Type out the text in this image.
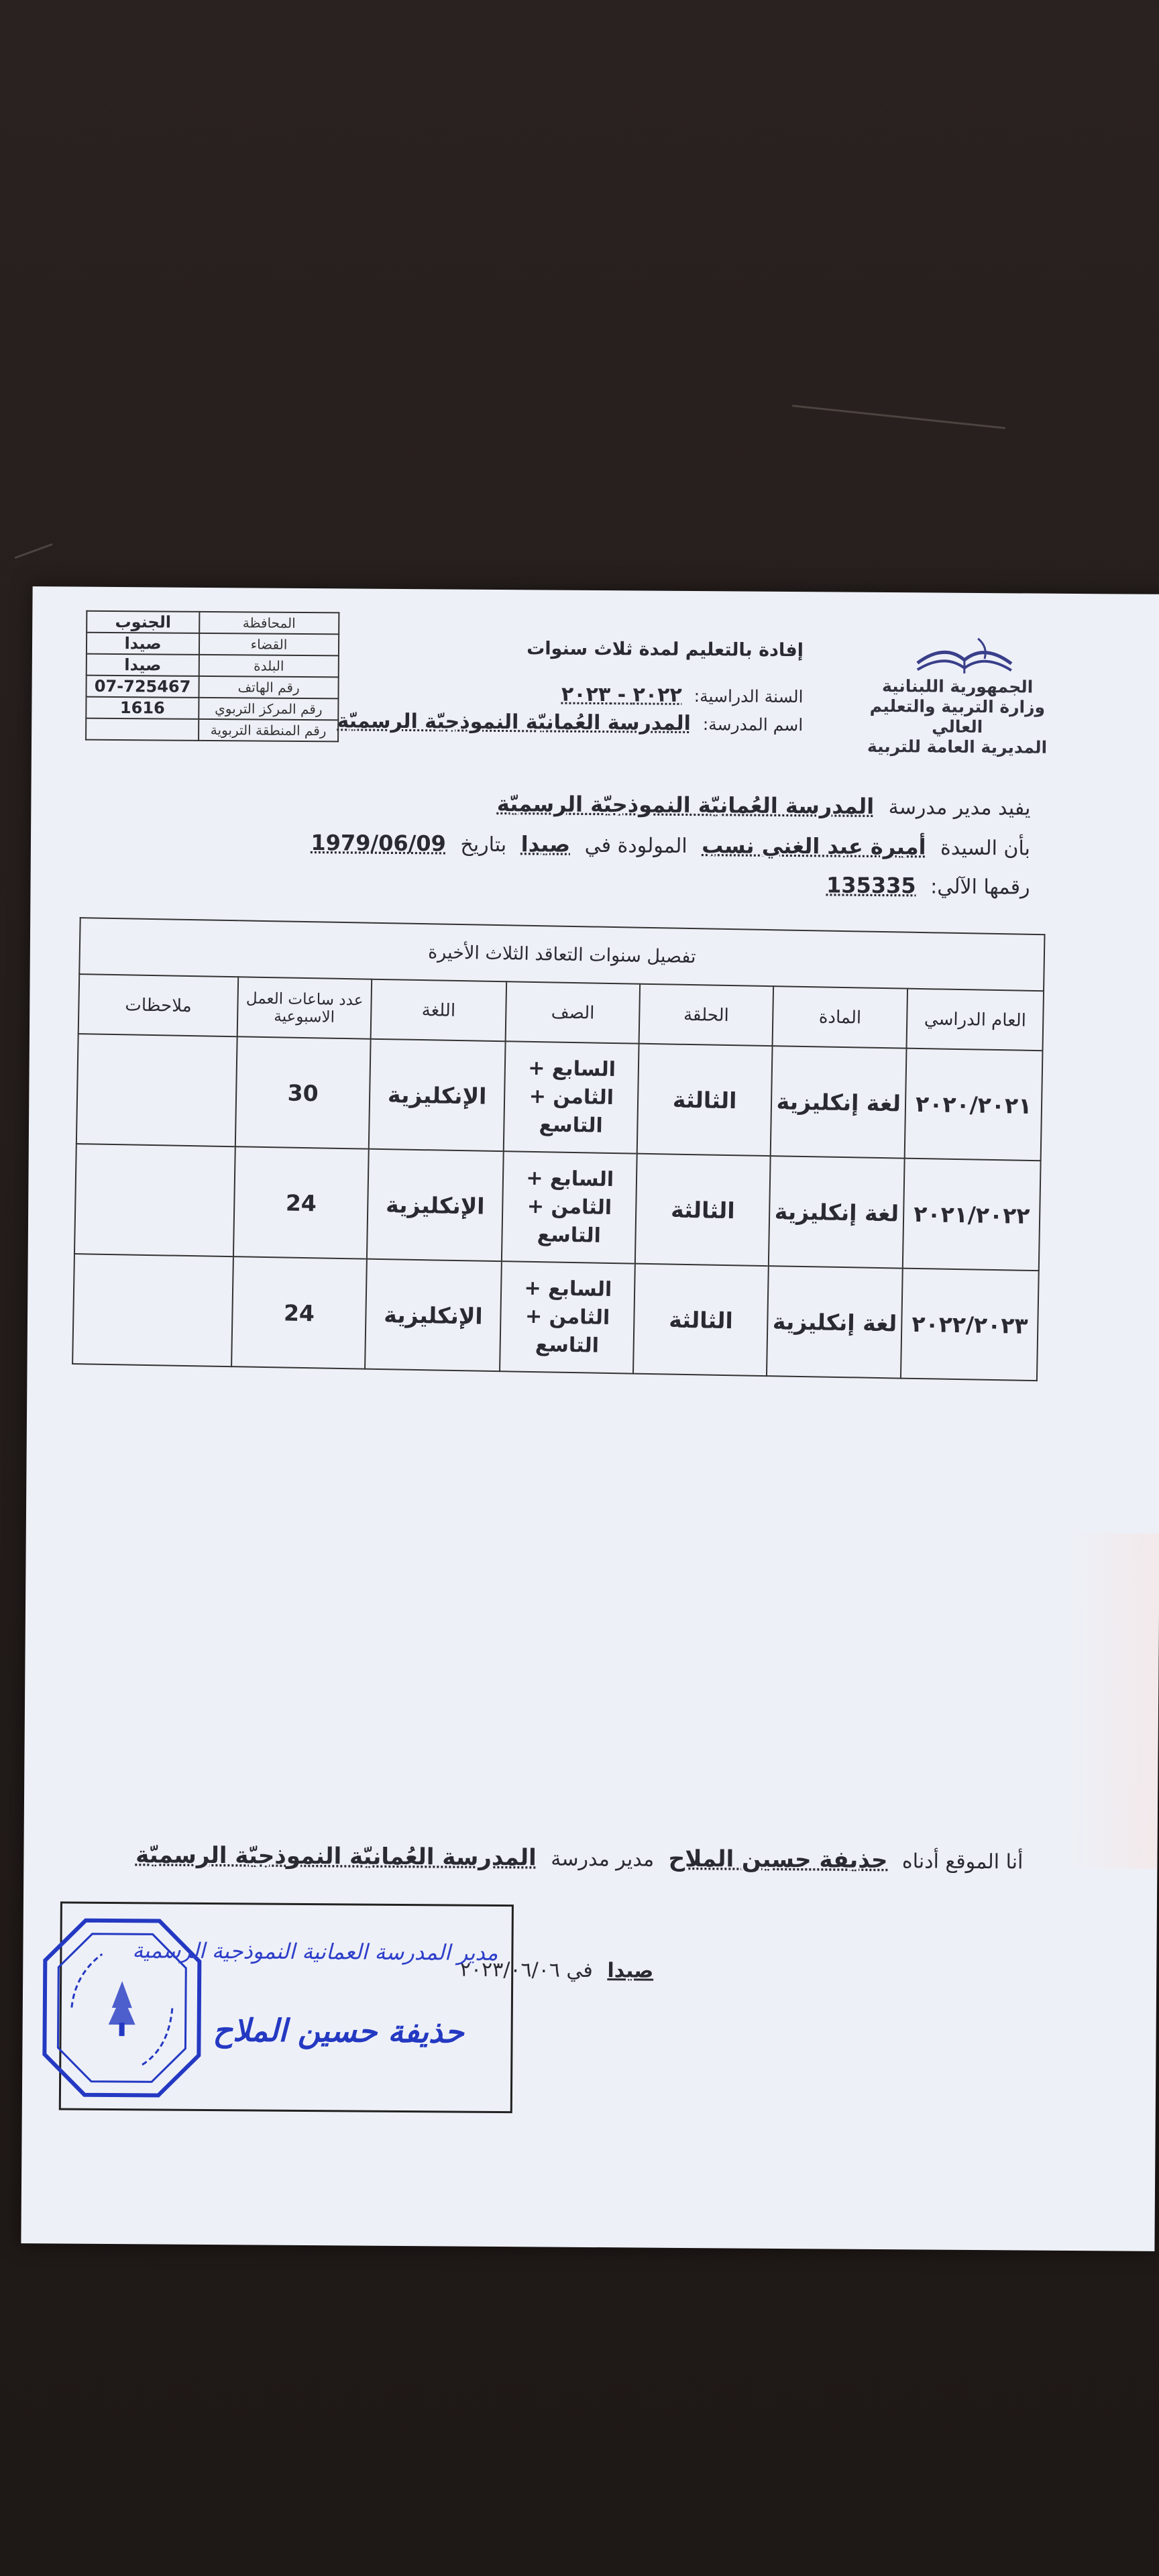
الجمهورية اللبنانية
وزارة التربية والتعليم العالي
المديرية العامة للتربية
إفادة بالتعليم لمدة ثلاث سنوات
السنة الدراسية: ٢٠٢٢ - ٢٠٢٣
اسم المدرسة: المدرسة العُمانيّة النموذجيّة الرسميّة
المحافظة	الجنوب
القضاء	صيدا
البلدة	صيدا
رقم الهاتف	07-725467
رقم المركز التربوي	1616
رقم المنطقة التربوية	
يفيد مدير مدرسة المدرسة العُمانيّة النموذجيّة الرسميّة
بأن السيدة أميرة عبد الغني نسب المولودة في صيدا بتاريخ 1979/06/09
رقمها الآلي: 135335
تفصيل سنوات التعاقد الثلاث الأخيرة						
العام الدراسي	المادة	الحلقة	الصف	اللغة	عدد ساعات العمل الاسبوعية	ملاحظات
٢٠٢٠/٢٠٢١	لغة إنكليزية	الثالثة	السابع + الثامن + التاسع	الإنكليزية	30	
٢٠٢١/٢٠٢٢	لغة إنكليزية	الثالثة	السابع + الثامن + التاسع	الإنكليزية	24	
٢٠٢٢/٢٠٢٣	لغة إنكليزية	الثالثة	السابع + الثامن + التاسع	الإنكليزية	24	
أنا الموقع أدناه حذيفة حسين الملاح مدير مدرسة المدرسة العُمانيّة النموذجيّة الرسميّة
صيدا في ٢٠٢٣/٠٦/٠٦
مدير المدرسة العمانية النموذجية الرسمية
حذيفة حسين الملاح
